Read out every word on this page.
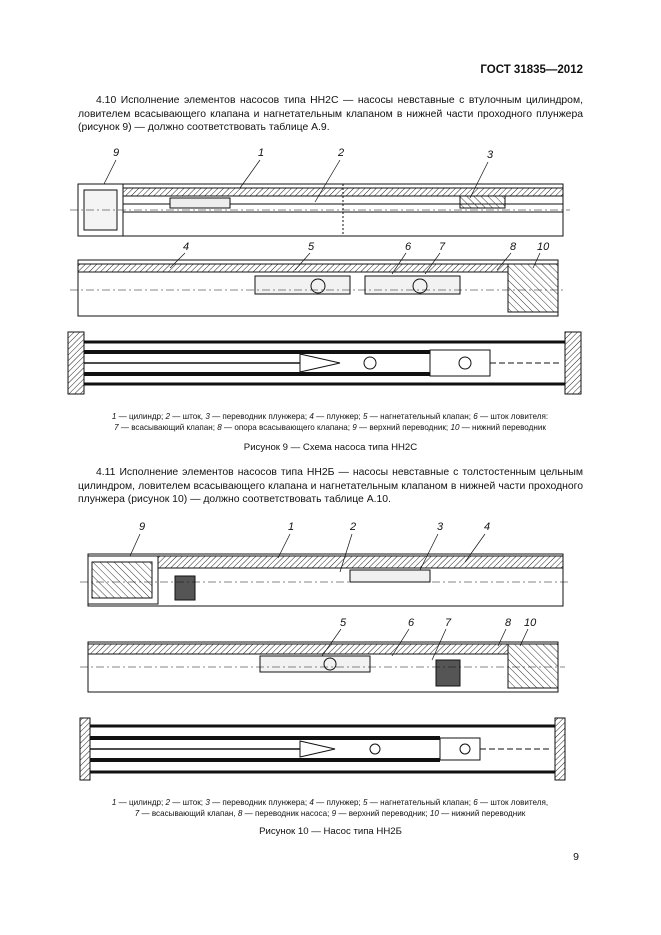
ГОСТ 31835—2012
4.10 Исполнение элементов насосов типа НН2С — насосы невставные с втулочным цилиндром, ловителем всасывающего клапана и нагнетательным клапаном в нижней части проходного плунжера (рисунок 9) — должно соответствовать таблице А.9.
9	1	2	3
4	5	6	7	8 10
1 — цилиндр; 2 — шток, 3 — переводник плунжера; 4 — плунжер; 5 — нагнетательный клапан; 6 — шток ловителя:
7 — всасывающий клапан; 8 — опора всасывающего клапана; 9 — верхний переводник; 10 — нижний переводник
Рисунок 9 — Схема насоса типа НН2С
4.11 Исполнение элементов насосов типа НН2Б — насосы невставные с толстостенным цельным цилиндром, ловителем всасывающего клапана и нагнетательным клапаном в нижней части проходного плунжера (рисунок 10) — должно соответствовать таблице А.10.
9	1	2	3	4
5	6	7	8 10
1 — цилиндр; 2 — шток; 3 — переводник плунжера; 4 — плунжер; 5 — нагнетательный клапан; 6 — шток ловителя,
7 — всасывающий клапан, 8 — переводник насоса; 9 — верхний переводник; 10 — нижний переводник
Рисунок 10 — Насос типа НН2Б
9
